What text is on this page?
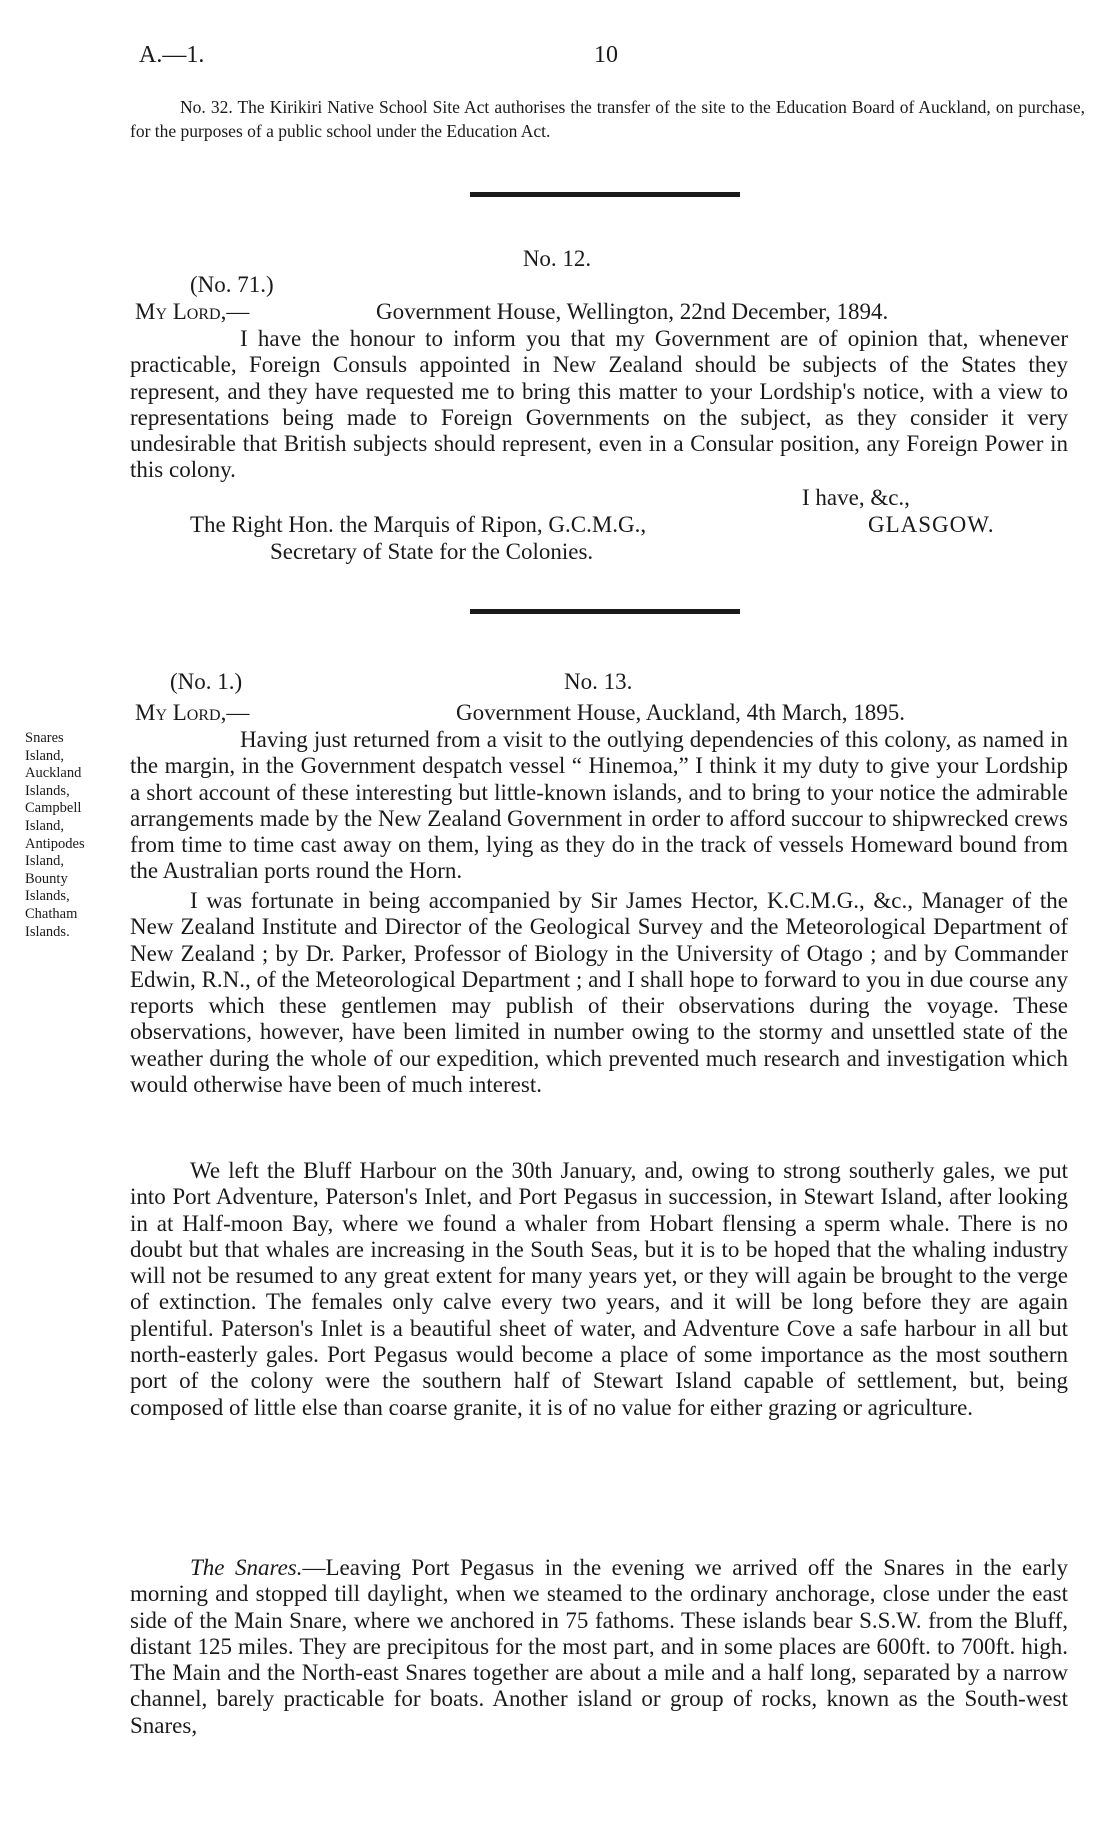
A.—1.	10

No. 32. The Kirikiri Native School Site Act authorises the transfer of the site to the Education Board of Auckland, on purchase, for the purposes of a public school under the Education Act.

No. 12.
(No. 71.)
My Lord,—	Government House, Wellington, 22nd December, 1894.

I have the honour to inform you that my Government are of opinion that, whenever practicable, Foreign Consuls appointed in New Zealand should be subjects of the States they represent, and they have requested me to bring this matter to your Lordship's notice, with a view to representations being made to Foreign Governments on the subject, as they consider it very undesirable that British subjects should represent, even in a Consular position, any Foreign Power in this colony.

I have, &c.,
The Right Hon. the Marquis of Ripon, G.C.M.G.,	GLASGOW.
Secretary of State for the Colonies.
(No. 1.)	No. 13.
My Lord,—	Government House, Auckland, 4th March, 1895.

Snares
Island,
Auckland
Islands,
Campbell
Island,
Antipodes
Island,
Bounty
Islands,
Chatham
Islands.

Having just returned from a visit to the outlying dependencies of this colony, as named in the margin, in the Government despatch vessel “ Hinemoa,” I think it my duty to give your Lordship a short account of these interesting but little-known islands, and to bring to your notice the admirable arrangements made by the New Zealand Government in order to afford succour to shipwrecked crews from time to time cast away on them, lying as they do in the track of vessels Homeward bound from the Australian ports round the Horn.

I was fortunate in being accompanied by Sir James Hector, K.C.M.G., &c., Manager of the New Zealand Institute and Director of the Geological Survey and the Meteorological Department of New Zealand ; by Dr. Parker, Professor of Biology in the University of Otago ; and by Commander Edwin, R.N., of the Meteorological Department ; and I shall hope to forward to you in due course any reports which these gentlemen may publish of their observations during the voyage. These observations, however, have been limited in number owing to the stormy and unsettled state of the weather during the whole of our expedition, which prevented much research and investigation which would otherwise have been of much interest.

We left the Bluff Harbour on the 30th January, and, owing to strong southerly gales, we put into Port Adventure, Paterson's Inlet, and Port Pegasus in succession, in Stewart Island, after looking in at Half-moon Bay, where we found a whaler from Hobart flensing a sperm whale. There is no doubt but that whales are increasing in the South Seas, but it is to be hoped that the whaling industry will not be resumed to any great extent for many years yet, or they will again be brought to the verge of extinction. The females only calve every two years, and it will be long before they are again plentiful. Paterson's Inlet is a beautiful sheet of water, and Adventure Cove a safe harbour in all but north-easterly gales. Port Pegasus would become a place of some importance as the most southern port of the colony were the southern half of Stewart Island capable of settlement, but, being composed of little else than coarse granite, it is of no value for either grazing or agriculture.

The Snares.—Leaving Port Pegasus in the evening we arrived off the Snares in the early morning and stopped till daylight, when we steamed to the ordinary anchorage, close under the east side of the Main Snare, where we anchored in 75 fathoms. These islands bear S.S.W. from the Bluff, distant 125 miles. They are precipitous for the most part, and in some places are 600ft. to 700ft. high. The Main and the North-east Snares together are about a mile and a half long, separated by a narrow channel, barely practicable for boats. Another island or group of rocks, known as the South-west Snares,
